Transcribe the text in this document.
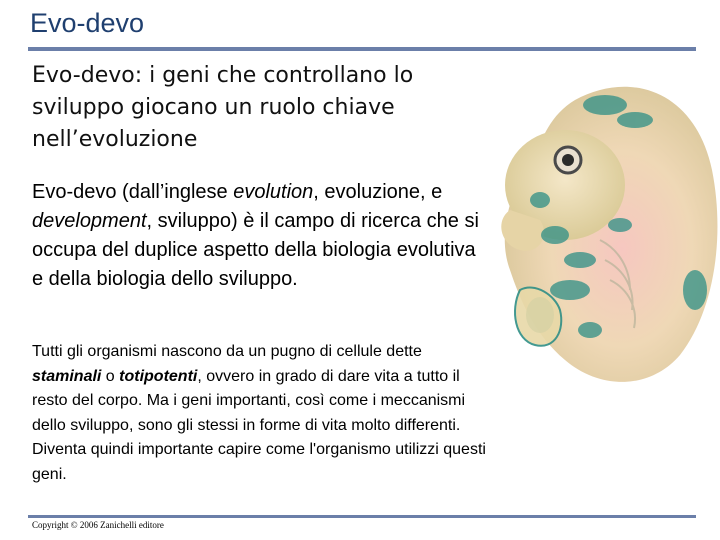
Evo-devo

Evo-devo: i geni che controllano lo sviluppo giocano un ruolo chiave nell’evoluzione

Evo-devo (dall’inglese evolution, evoluzione, e development, sviluppo) è il campo di ricerca che si occupa del duplice aspetto della biologia evolutiva e della biologia dello sviluppo.

Tutti gli organismi nascono da un pugno di cellule dette staminali o totipotenti, ovvero in grado di dare vita a tutto il resto del corpo. Ma i geni importanti, così come i meccanismi dello sviluppo, sono gli stessi in forme di vita molto differenti. Diventa quindi importante capire come l'organismo utilizzi questi geni.

Copyright © 2006 Zanichelli editore
